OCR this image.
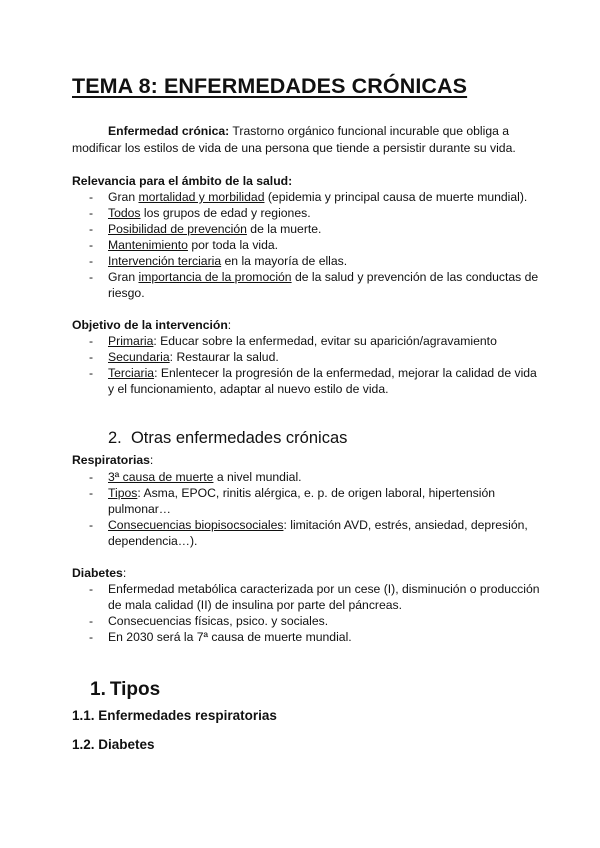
TEMA 8: ENFERMEDADES CRÓNICAS
Enfermedad crónica: Trastorno orgánico funcional incurable que obliga a modificar los estilos de vida de una persona que tiende a persistir durante su vida.
Relevancia para el ámbito de la salud:
- Gran mortalidad y morbilidad (epidemia y principal causa de muerte mundial).
- Todos los grupos de edad y regiones.
- Posibilidad de prevención de la muerte.
- Mantenimiento por toda la vida.
- Intervención terciaria en la mayoría de ellas.
- Gran importancia de la promoción de la salud y prevención de las conductas de riesgo.
Objetivo de la intervención:
- Primaria: Educar sobre la enfermedad, evitar su aparición/agravamiento
- Secundaria: Restaurar la salud.
- Terciaria: Enlentecer la progresión de la enfermedad, mejorar la calidad de vida y el funcionamiento, adaptar al nuevo estilo de vida.
2. Otras enfermedades crónicas
Respiratorias:
- 3ª causa de muerte a nivel mundial.
- Tipos: Asma, EPOC, rinitis alérgica, e. p. de origen laboral, hipertensión pulmonar…
- Consecuencias biopisocsociales: limitación AVD, estrés, ansiedad, depresión, dependencia…).
Diabetes:
- Enfermedad metabólica caracterizada por un cese (I), disminución o producción de mala calidad (II) de insulina por parte del páncreas.
- Consecuencias físicas, psico. y sociales.
- En 2030 será la 7ª causa de muerte mundial.
1. Tipos
1.1. Enfermedades respiratorias
1.2. Diabetes
